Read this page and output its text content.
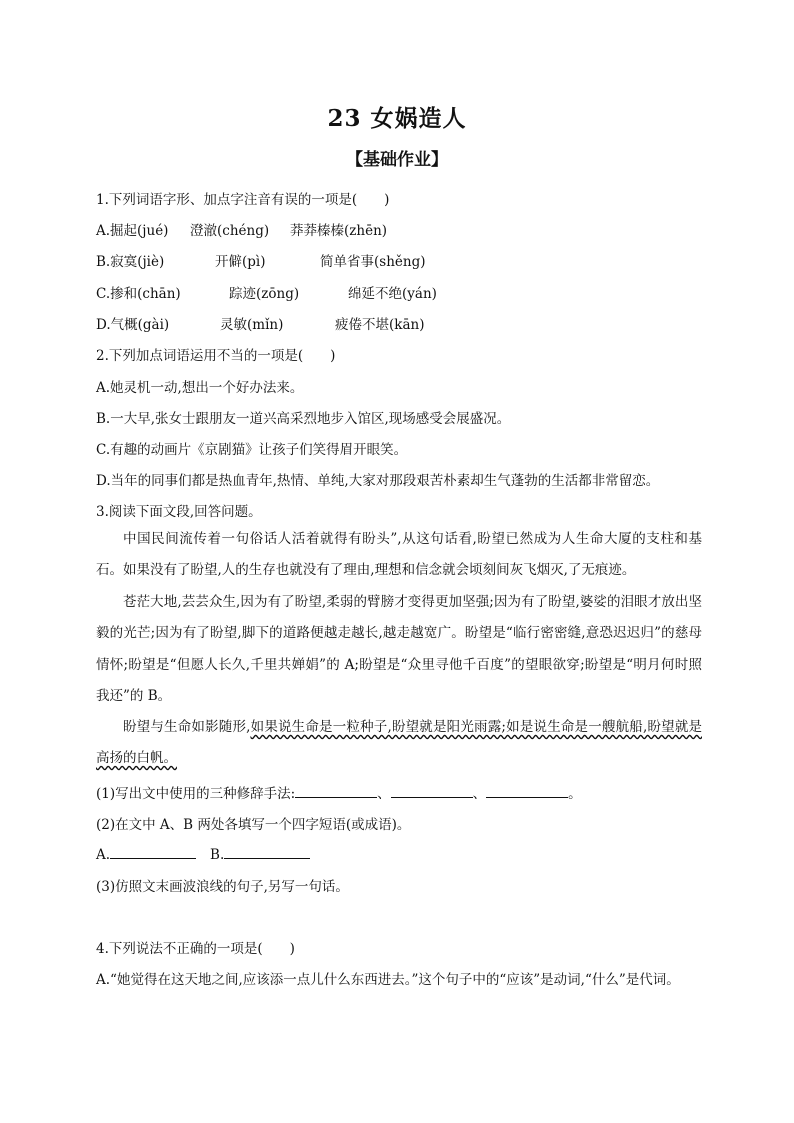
23 女娲造人
【基础作业】
1.下列词语字形、加点字注音有误的一项是(　　)
A.掘起(jué) 澄澈(chéng) 莽莽榛榛(zhēn)
B.寂寞(jiè)	开僻(pì)	简单省事(shěng)
C.掺和(chān)	踪迹(zōng)	绵延不绝(yán)
D.气概(gài)	灵敏(mǐn)	疲倦不堪(kān)
2.下列加点词语运用不当的一项是(　　)
A.她灵机一动,想出一个好办法来。
B.一大早,张女士跟朋友一道兴高采烈地步入馆区,现场感受会展盛况。
C.有趣的动画片《京剧猫》让孩子们笑得眉开眼笑。
D.当年的同事们都是热血青年,热情、单纯,大家对那段艰苦朴素却生气蓬勃的生活都非常留恋。
3.阅读下面文段,回答问题。
中国民间流传着一句俗话人活着就得有盼头”,从这句话看,盼望已然成为人生命大厦的支柱和基石。如果没有了盼望,人的生存也就没有了理由,理想和信念就会顷刻间灰飞烟灭,了无痕迹。
苍茫大地,芸芸众生,因为有了盼望,柔弱的臂膀才变得更加坚强;因为有了盼望,婆娑的泪眼才放出坚毅的光芒;因为有了盼望,脚下的道路便越走越长,越走越宽广。盼望是“临行密密缝,意恐迟迟归”的慈母情怀;盼望是“但愿人长久,千里共婵娟”的 A;盼望是“众里寻他千百度”的望眼欲穿;盼望是“明月何时照我还”的 B。
盼望与生命如影随形,如果说生命是一粒种子,盼望就是阳光雨露;如是说生命是一艘航船,盼望就是高扬的白帆。
(1)写出文中使用的三种修辞手法:	、	、	。
(2)在文中 A、B 两处各填写一个四字短语(或成语)。
A.	B.
(3)仿照文末画波浪线的句子,另写一句话。
4.下列说法不正确的一项是(　　)
A.“她觉得在这天地之间,应该添一点儿什么东西进去。”这个句子中的“应该”是动词,“什么”是代词。
